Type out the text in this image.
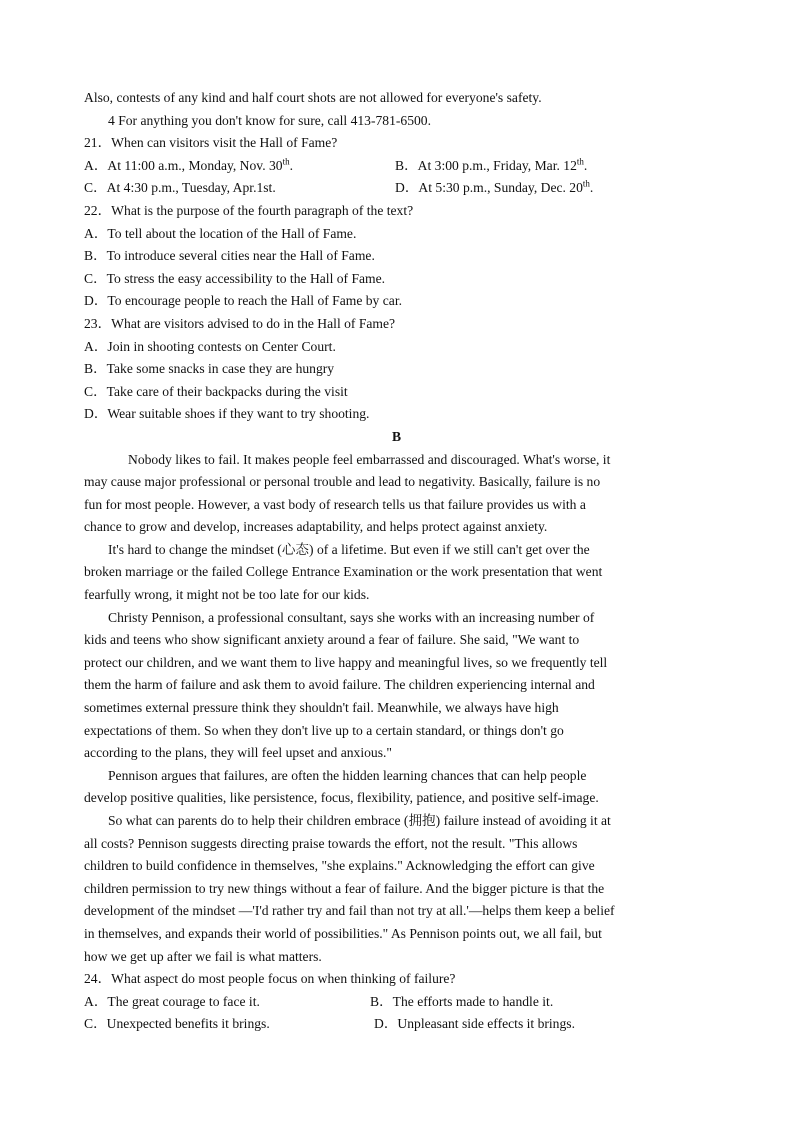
Also, contests of any kind and half court shots are not allowed for everyone's safety.
4 For anything you don't know for sure, call 413-781-6500.
21．When can visitors visit the Hall of Fame?
A．At 11:00 a.m., Monday, Nov. 30th.	B．At 3:00 p.m., Friday, Mar. 12th.
C．At 4:30 p.m., Tuesday, Apr.1st.	D．At 5:30 p.m., Sunday, Dec. 20th.
22．What is the purpose of the fourth paragraph of the text?
A．To tell about the location of the Hall of Fame.
B．To introduce several cities near the Hall of Fame.
C．To stress the easy accessibility to the Hall of Fame.
D．To encourage people to reach the Hall of Fame by car.
23．What are visitors advised to do in the Hall of Fame?
A．Join in shooting contests on Center Court.
B．Take some snacks in case they are hungry
C．Take care of their backpacks during the visit
D．Wear suitable shoes if they want to try shooting.
B
Nobody likes to fail. It makes people feel embarrassed and discouraged. What's worse, it
may cause major professional or personal trouble and lead to negativity. Basically, failure is no
fun for most people. However, a vast body of research tells us that failure provides us with a
chance to grow and develop, increases adaptability, and helps protect against anxiety.
It's hard to change the mindset (心态) of a lifetime. But even if we still can't get over the
broken marriage or the failed College Entrance Examination or the work presentation that went
fearfully wrong, it might not be too late for our kids.
Christy Pennison, a professional consultant, says she works with an increasing number of
kids and teens who show significant anxiety around a fear of failure. She said, "We want to
protect our children, and we want them to live happy and meaningful lives, so we frequently tell
them the harm of failure and ask them to avoid failure. The children experiencing internal and
sometimes external pressure think they shouldn't fail. Meanwhile, we always have high
expectations of them. So when they don't live up to a certain standard, or things don't go
according to the plans, they will feel upset and anxious."
Pennison argues that failures, are often the hidden learning chances that can help people
develop positive qualities, like persistence, focus, flexibility, patience, and positive self-image.
So what can parents do to help their children embrace (拥抱) failure instead of avoiding it at
all costs? Pennison suggests directing praise towards the effort, not the result. "This allows
children to build confidence in themselves, "she explains." Acknowledging the effort can give
children permission to try new things without a fear of failure. And the bigger picture is that the
development of the mindset —'I'd rather try and fail than not try at all.'—helps them keep a belief
in themselves, and expands their world of possibilities." As Pennison points out, we all fail, but
how we get up after we fail is what matters.
24．What aspect do most people focus on when thinking of failure?
A．The great courage to face it.	B．The efforts made to handle it.
C．Unexpected benefits it brings.	D．Unpleasant side effects it brings.
